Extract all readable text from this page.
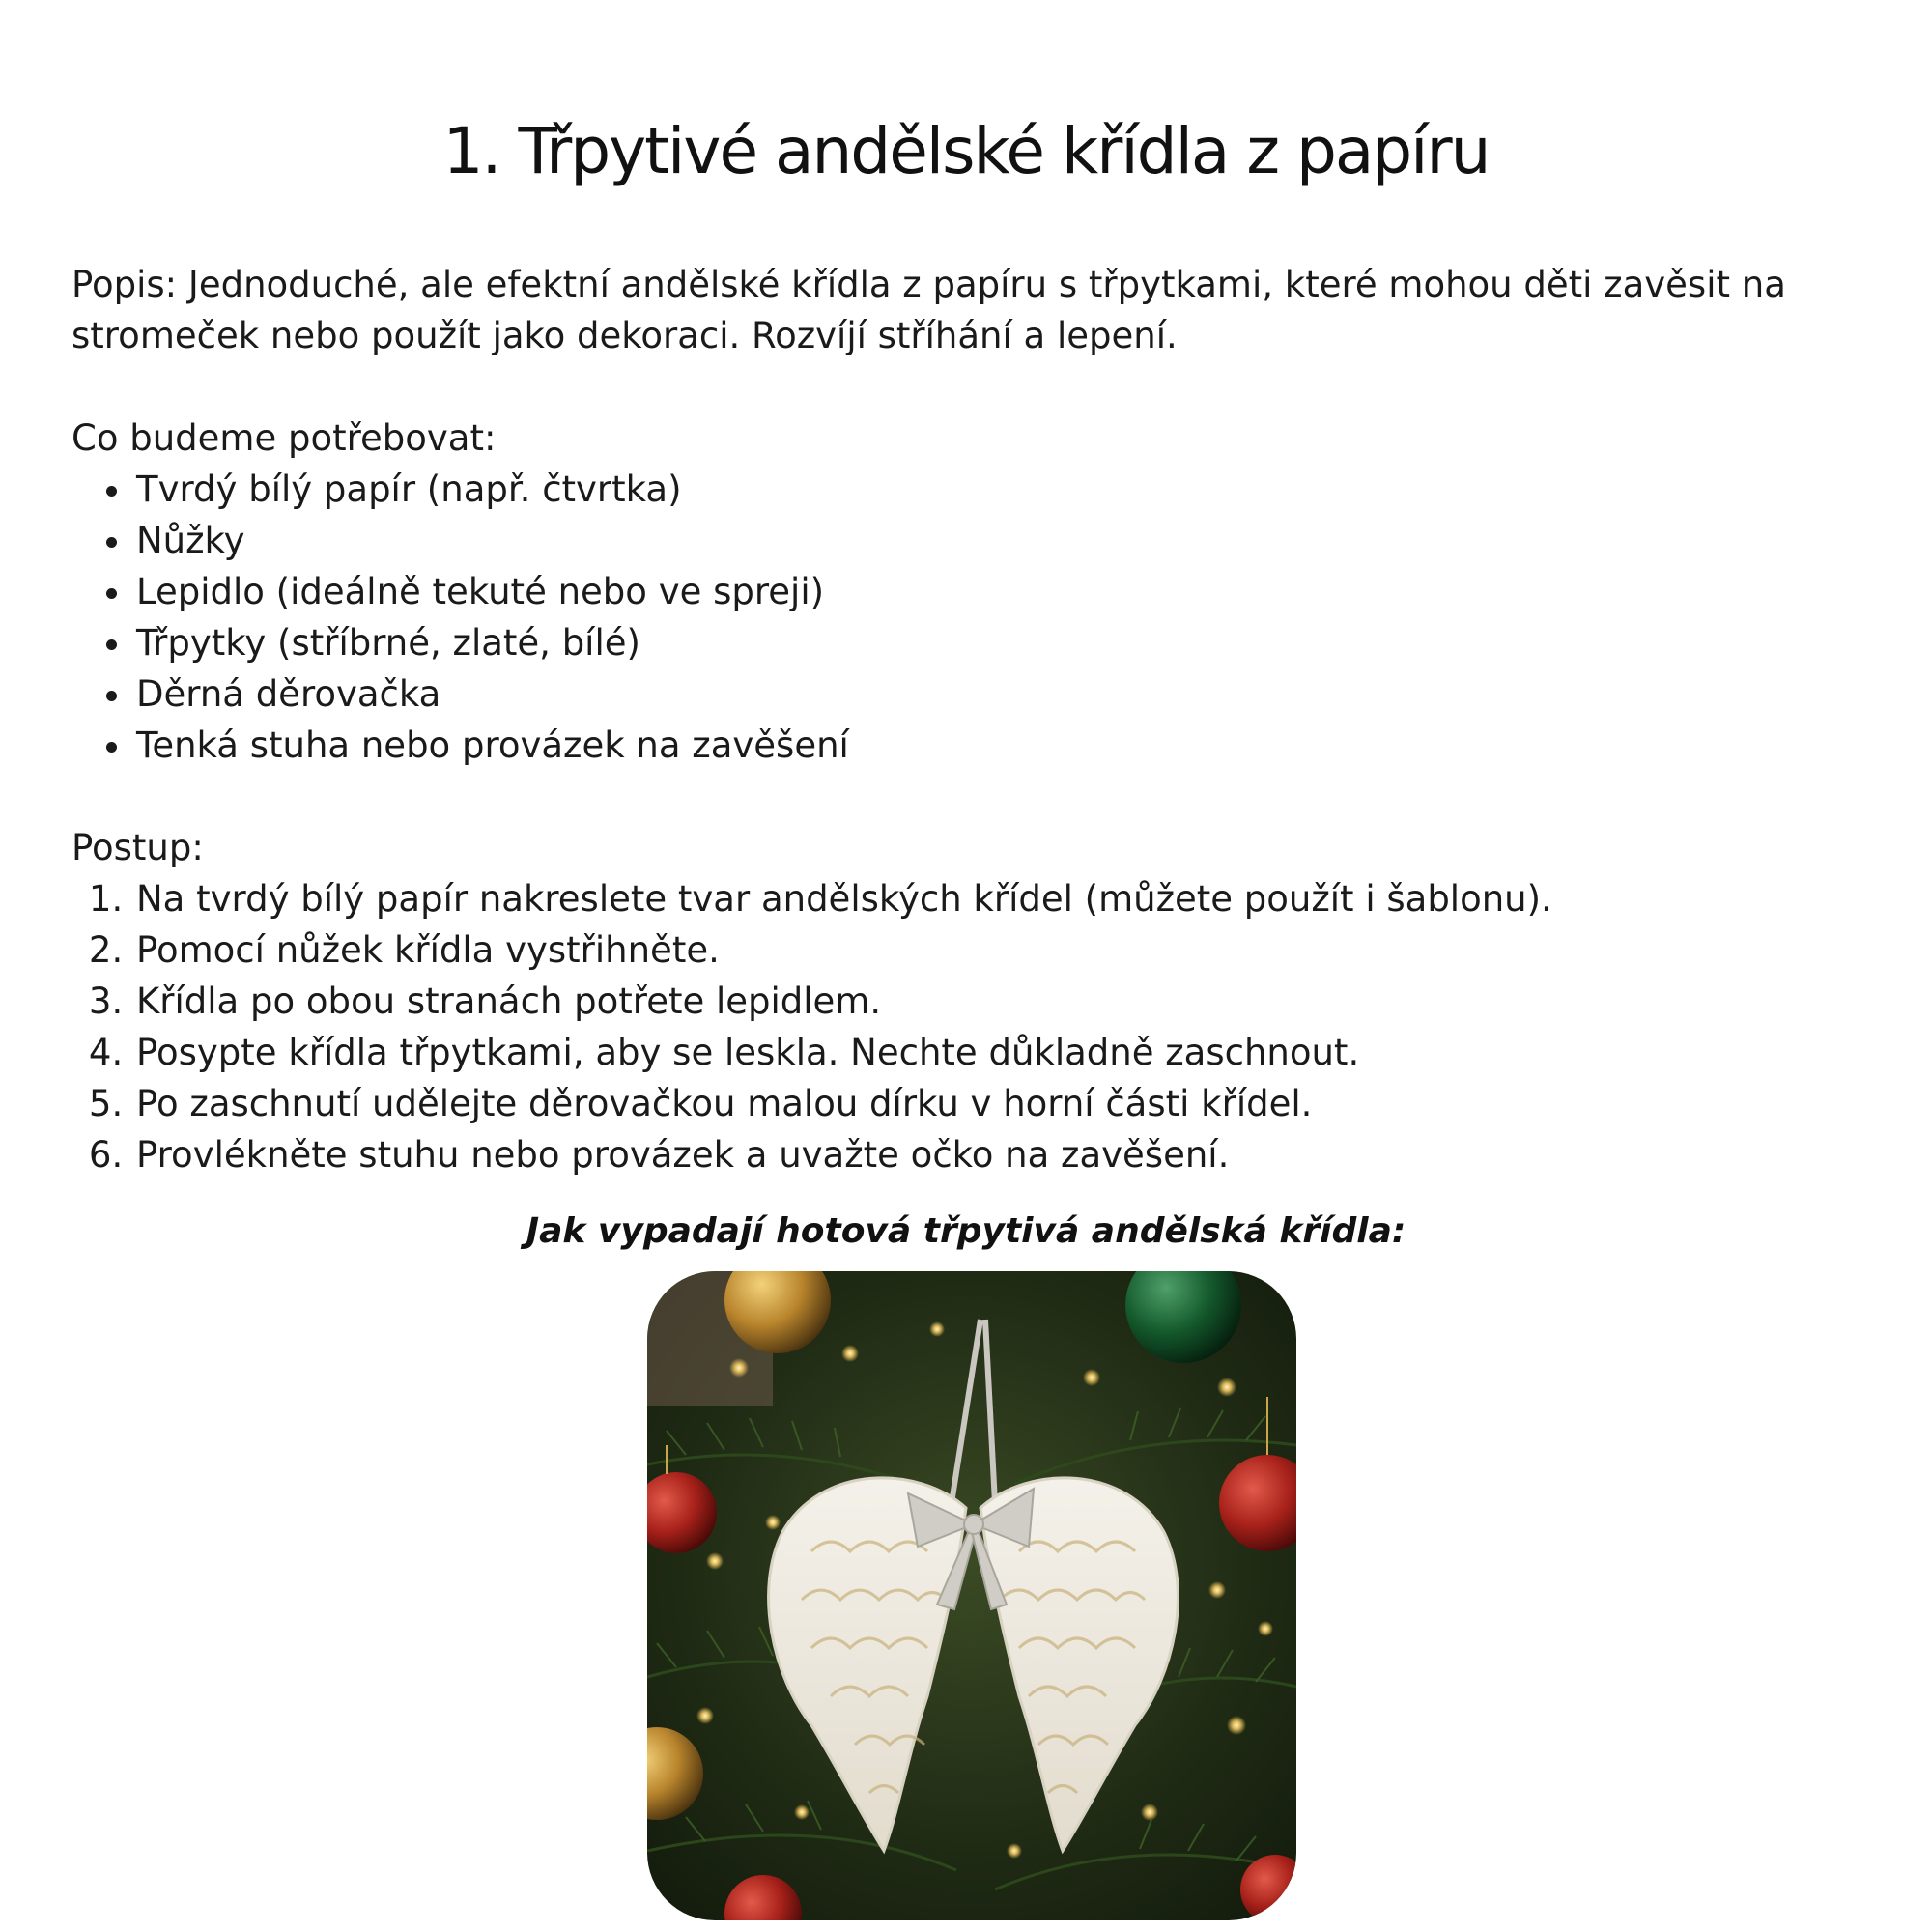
1. Třpytivé andělské křídla z papíru

Popis: Jednoduché, ale efektní andělské křídla z papíru s třpytkami, které mohou děti zavěsit na stromeček nebo použít jako dekoraci. Rozvíjí stříhání a lepení.

Co budeme potřebovat:

• Tvrdý bílý papír (např. čtvrtka)
• Nůžky
• Lepidlo (ideálně tekuté nebo ve spreji)
• Třpytky (stříbrné, zlaté, bílé)
• Děrná děrovačka
• Tenká stuha nebo provázek na zavěšení

Postup:

1. Na tvrdý bílý papír nakreslete tvar andělských křídel (můžete použít i šablonu).
2. Pomocí nůžek křídla vystřihněte.
3. Křídla po obou stranách potřete lepidlem.
4. Posypte křídla třpytkami, aby se leskla. Nechte důkladně zaschnout.
5. Po zaschnutí udělejte děrovačkou malou dírku v horní části křídel.
6. Provlékněte stuhu nebo provázek a uvažte očko na zavěšení.

Jak vypadají hotová třpytivá andělská křídla:
